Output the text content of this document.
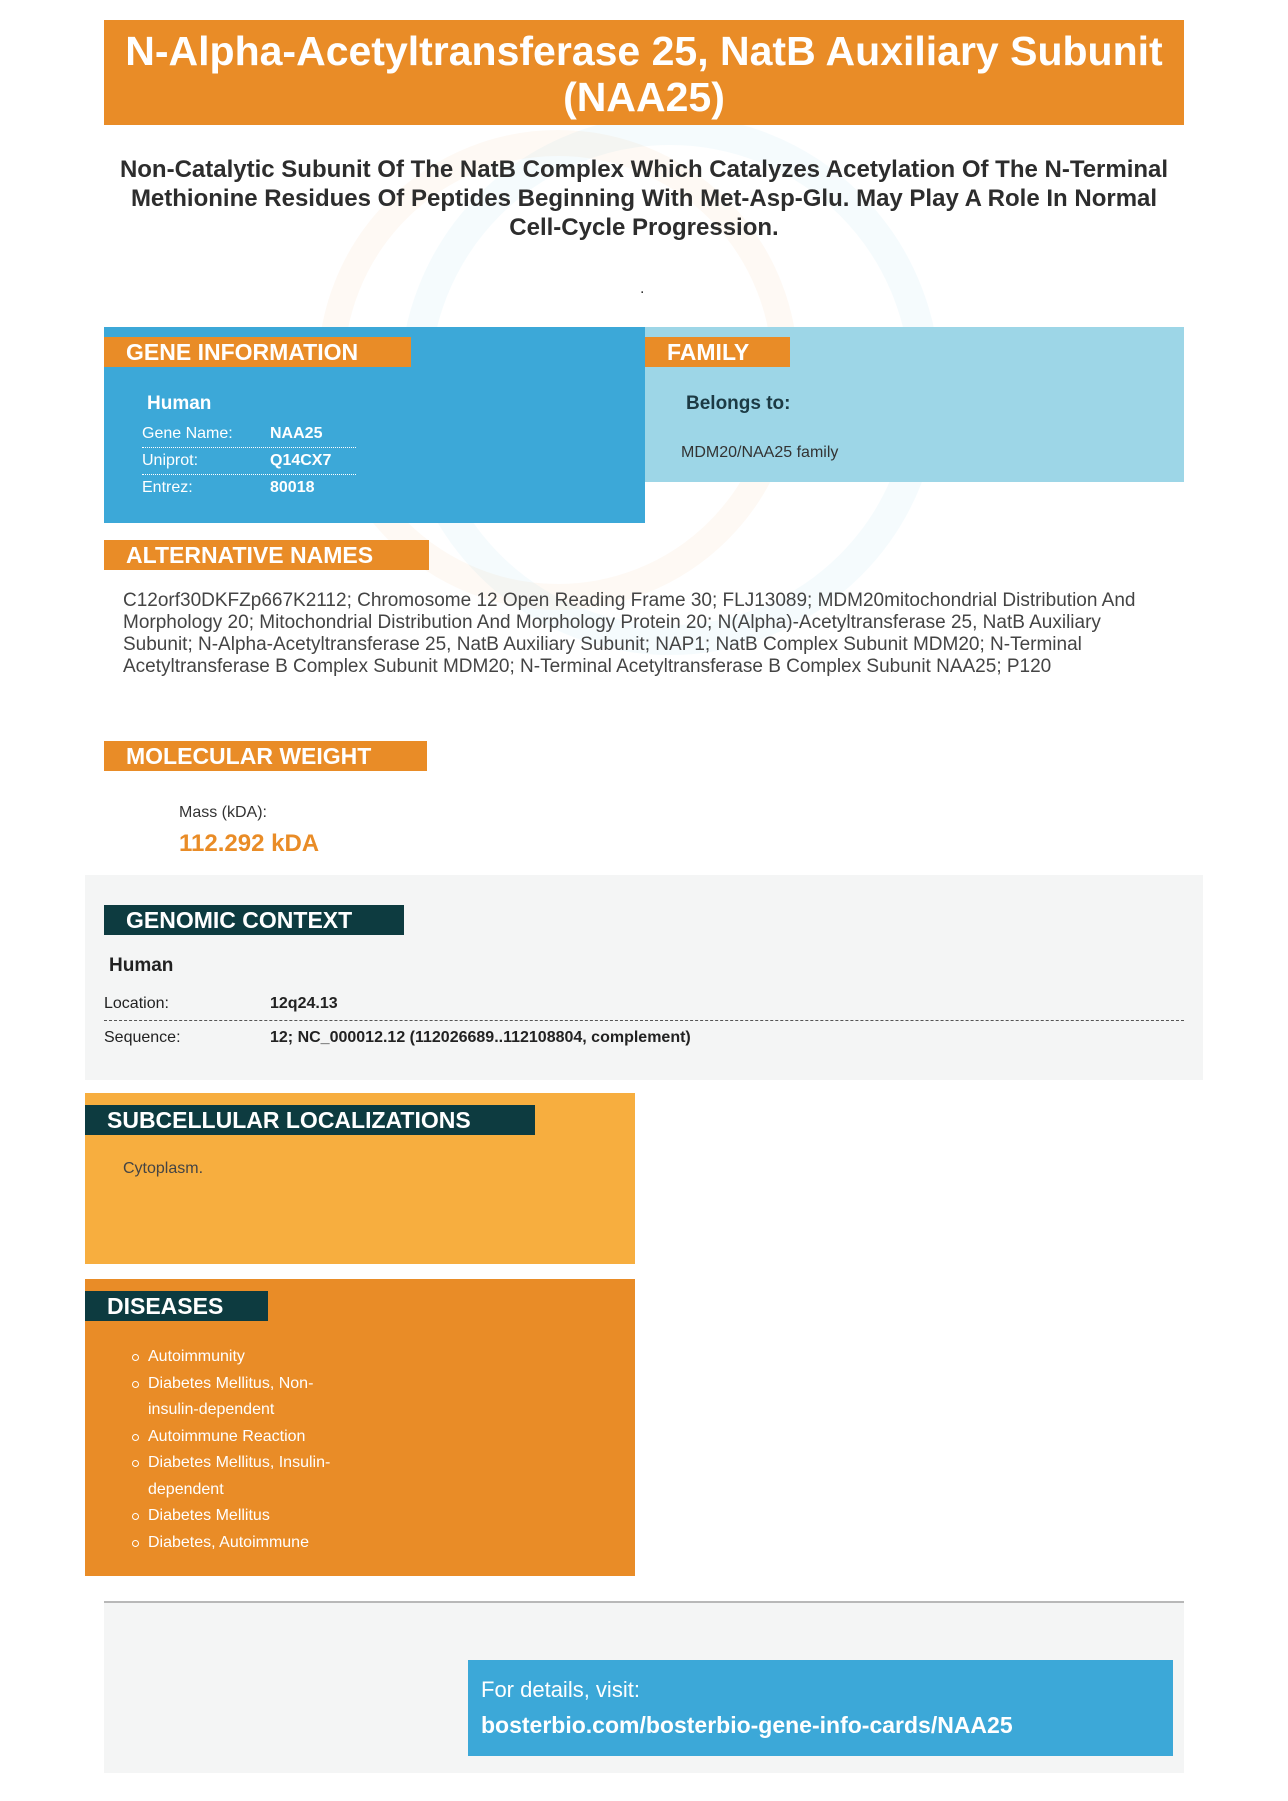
N-Alpha-Acetyltransferase 25, NatB Auxiliary Subunit (NAA25)
Non-Catalytic Subunit Of The NatB Complex Which Catalyzes Acetylation Of The N-Terminal Methionine Residues Of Peptides Beginning With Met-Asp-Glu. May Play A Role In Normal Cell-Cycle Progression.
.
GENE INFORMATION
Human
Gene Name: NAA25
Uniprot:	Q14CX7
Entrez:	80018
FAMILY
Belongs to:
MDM20/NAA25 family
ALTERNATIVE NAMES
C12orf30DKFZp667K2112; Chromosome 12 Open Reading Frame 30; FLJ13089; MDM20mitochondrial Distribution And Morphology 20; Mitochondrial Distribution And Morphology Protein 20; N(Alpha)-Acetyltransferase 25, NatB Auxiliary Subunit; N-Alpha-Acetyltransferase 25, NatB Auxiliary Subunit; NAP1; NatB Complex Subunit MDM20; N-Terminal Acetyltransferase B Complex Subunit MDM20; N-Terminal Acetyltransferase B Complex Subunit NAA25; P120
MOLECULAR WEIGHT
Mass (kDA):
112.292 kDA
GENOMIC CONTEXT
Human
Location:	12q24.13
Sequence:	12; NC_000012.12 (112026689..112108804, complement)
SUBCELLULAR LOCALIZATIONS
Cytoplasm.
DISEASES
Autoimmunity
Diabetes Mellitus, Non-insulin-dependent
Autoimmune Reaction
Diabetes Mellitus, Insulin-dependent
Diabetes Mellitus
Diabetes, Autoimmune
For details, visit:
bosterbio.com/bosterbio-gene-info-cards/NAA25
